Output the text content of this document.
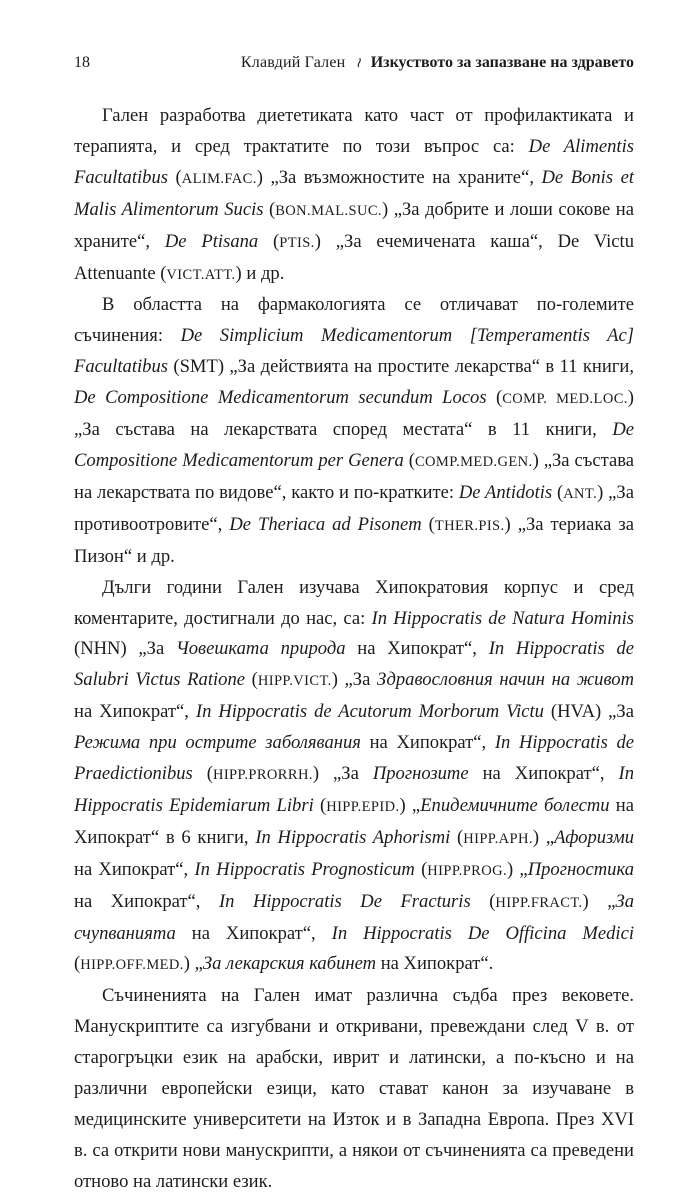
18	Клавдий Гален ≀ Изкуството за запазване на здравето

Гален разработва диететиката като част от профилактиката и терапията, и сред трактатите по този въпрос са: De Alimentis Facultatibus (ALIM.FAC.) „За възможностите на храните“, De Bonis et Malis Alimentorum Sucis (BON.MAL.SUC.) „За добрите и лоши сокове на храните“, De Ptisana (PTIS.) „За ечемичената каша“, De Victu Attenuante (VICT.ATT.) и др.

В областта на фармакологията се отличават по-големите съчинения: De Simplicium Medicamentorum [Temperamentis Ac] Facultatibus (SMT) „За действията на простите лекарства“ в 11 книги, De Compositione Medicamentorum secundum Locos (COMP. MED.LOC.) „За състава на лекарствата според местата“ в 11 книги, De Compositione Medicamentorum per Genera (COMP.MED.GEN.) „За състава на лекарствата по видове“, както и по-кратките: De Antidotis (ANT.) „За противоотровите“, De Theriaca ad Pisonem (THER.PIS.) „За териака за Пизон“ и др.

Дълги години Гален изучава Хипократовия корпус и сред коментарите, достигнали до нас, са: In Hippocratis de Natura Hominis (NHN) „За Човешката природа на Хипократ“, In Hippocratis de Salubri Victus Ratione (HIPP.VICT.) „За Здравословния начин на живот на Хипократ“, In Hippocratis de Acutorum Morborum Victu (HVA) „За Режима при острите заболявания на Хипократ“, In Hippocratis de Praedictionibus (HIPP.PRORRH.) „За Прогнозите на Хипократ“, In Hippocratis Epidemiarum Libri (HIPP.EPID.) „Епидемичните болести на Хипократ“ в 6 книги, In Hippocratis Aphorismi (HIPP.APH.) „Афоризми на Хипократ“, In Hippocratis Prognosticum (HIPP.PROG.) „Прогностика на Хипократ“, In Hippocratis De Fracturis (HIPP.FRACT.) „За счупванията на Хипократ“, In Hippocratis De Officina Medici (HIPP.OFF.MED.) „За лекарския кабинет на Хипократ“.

Съчиненията на Гален имат различна съдба през вековете. Манускриптите са изгубвани и откривани, превеждани след V в. от старогръцки език на арабски, иврит и латински, а по-късно и на различни европейски езици, като стават канон за изучаване в медицинските университети на Изток и в Западна Европа. През XVI в. са открити нови манускрипти, а някои от съчиненията са преведени отново на латински език.
